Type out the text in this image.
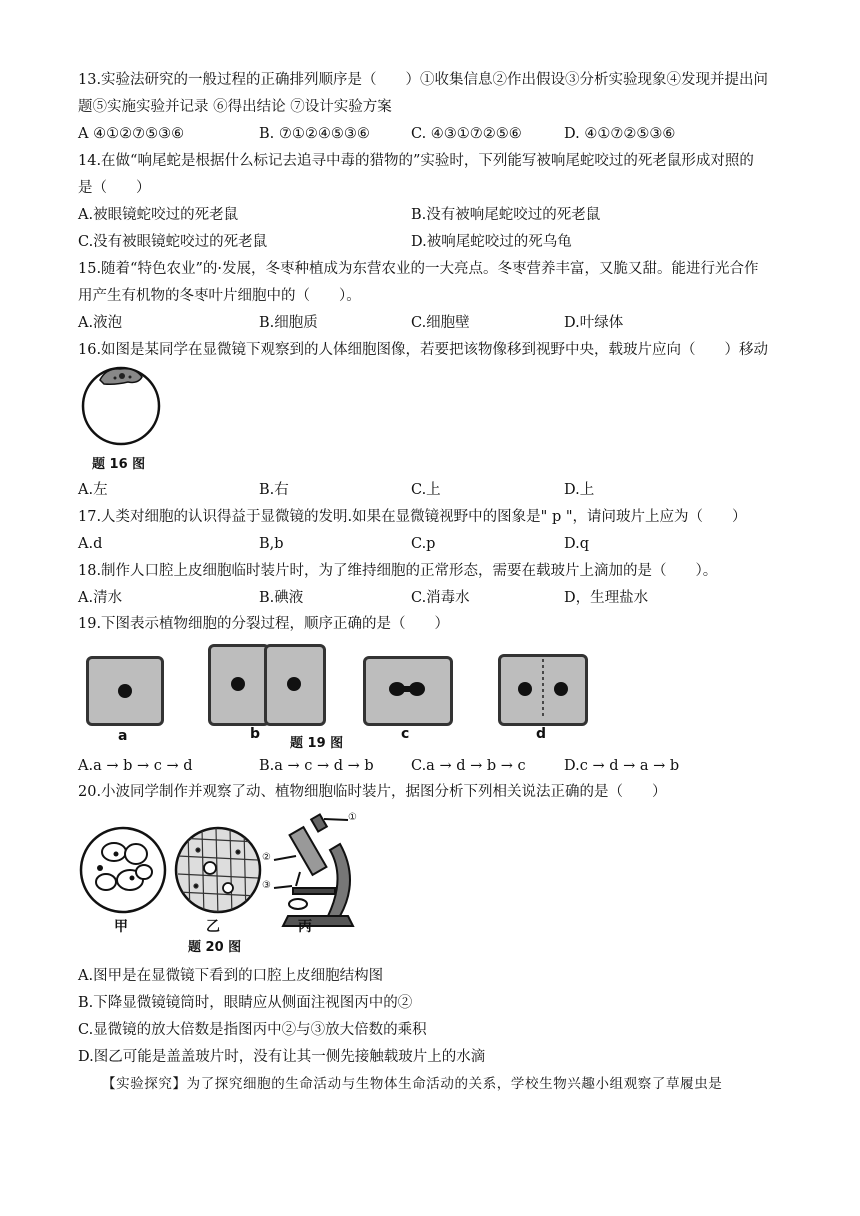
13.实验法研究的一般过程的正确排列顺序是（　　）①收集信息②作出假设③分析实验现象④发现并提出问
题⑤实施实验并记录 ⑥得出结论 ⑦设计实验方案
A ④①②⑦⑤③⑥	B. ⑦①②④⑤③⑥	C. ④③①⑦②⑤⑥	D. ④①⑦②⑤③⑥
14.在做“响尾蛇是根据什么标记去追寻中毒的猎物的”实验时，下列能写被响尾蛇咬过的死老鼠形成对照的
是（　　）
A.被眼镜蛇咬过的死老鼠	B.没有被响尾蛇咬过的死老鼠
C.没有被眼镜蛇咬过的死老鼠	D.被响尾蛇咬过的死乌龟
15.随着“特色农业”的·发展，冬枣种植成为东营农业的一大亮点。冬枣营养丰富，又脆又甜。能进行光合作
用产生有机物的冬枣叶片细胞中的（　　）。
A.液泡	B.细胞质	C.细胞壁	D.叶绿体
16.如图是某同学在显微镜下观察到的人体细胞图像，若要把该物像移到视野中央，载玻片应向（　　）移动
题 16 图
A.左	B.右	C.上	D.上
17.人类对细胞的认识得益于显微镜的发明.如果在显微镜视野中的图象是" p "，请问玻片上应为（　　）
A.d	B,b	C.p	D.q
18.制作人口腔上皮细胞临时装片时，为了维持细胞的正常形态，需要在载玻片上滴加的是（　　）。
A.清水	B.碘液	C.消毒水	D，生理盐水
19.下图表示植物细胞的分裂过程，顺序正确的是（　　）
a	b	c	d
题 19 图
A.a → b → c → d	B.a → c → d → b	C.a → d → b → c	D.c → d → a → b
20.小波同学制作并观察了动、植物细胞临时装片，据图分析下列相关说法正确的是（　　）
①
②
③
甲	乙	丙
题 20 图
A.图甲是在显微镜下看到的口腔上皮细胞结构图
B.下降显微镜镜筒时，眼睛应从侧面注视图丙中的②
C.显微镜的放大倍数是指图丙中②与③放大倍数的乘积
D.图乙可能是盖盖玻片时，没有让其一侧先接触载玻片上的水滴
【实验探究】为了探究细胞的生命活动与生物体生命活动的关系，学校生物兴趣小组观察了草履虫是
